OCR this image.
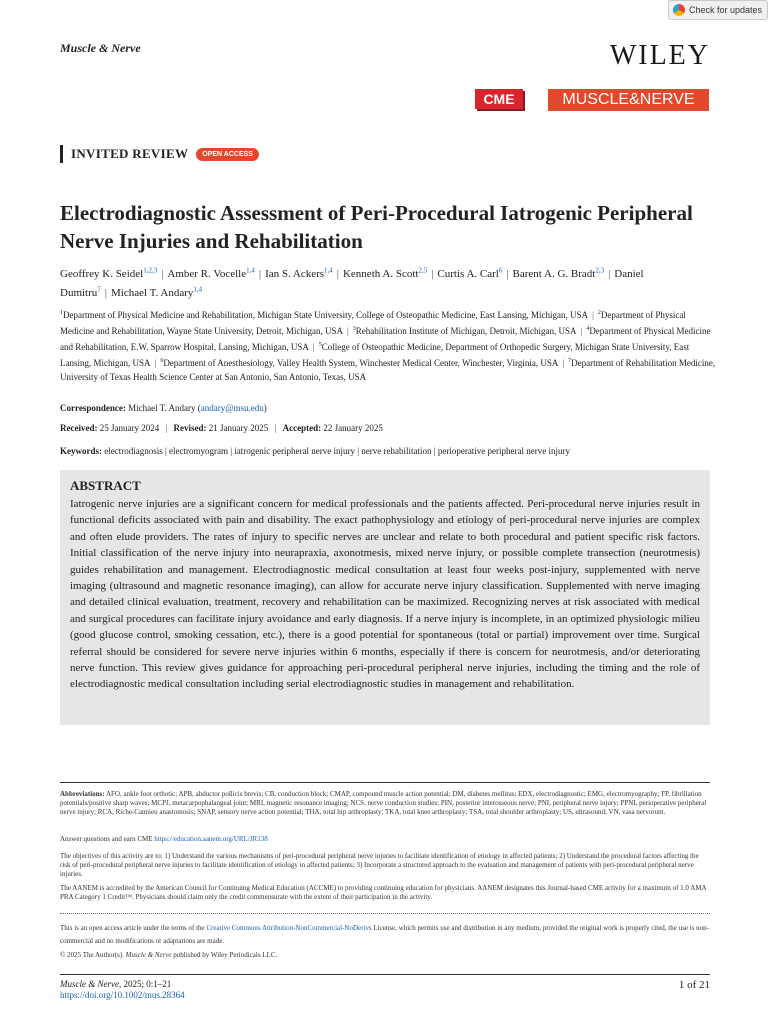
Check for updates
Muscle & Nerve	WILEY
CME	MUSCLE&NERVE
INVITED REVIEW	OPEN ACCESS
Electrodiagnostic Assessment of Peri-Procedural Iatrogenic Peripheral Nerve Injuries and Rehabilitation
Geoffrey K. Seidel$^{1,2,3}$ | Amber R. Vocelle$^{1,4}$ | Ian S. Ackers$^{1,4}$ | Kenneth A. Scott$^{2,5}$ | Curtis A. Carl$^6$ | Barent A. G. Bradt$^{2,3}$ | Daniel Dumitru$^7$ | Michael T. Andary$^{1,4}$
$^1$Department of Physical Medicine and Rehabilitation, Michigan State University, College of Osteopathic Medicine, East Lansing, Michigan, USA | $^2$Department of Physical Medicine and Rehabilitation, Wayne State University, Detroit, Michigan, USA | $^3$Rehabilitation Institute of Michigan, Detroit, Michigan, USA | $^4$Department of Physical Medicine and Rehabilitation, E.W. Sparrow Hospital, Lansing, Michigan, USA | $^5$College of Osteopathic Medicine, Department of Orthopedic Surgery, Michigan State University, East Lansing, Michigan, USA | $^6$Department of Anesthesiology, Valley Health System, Winchester Medical Center, Winchester, Virginia, USA | $^7$Department of Rehabilitation Medicine, University of Texas Health Science Center at San Antonio, San Antonio, Texas, USA
Correspondence: Michael T. Andary (andary@msu.edu)
Received: 25 January 2024 | Revised: 21 January 2025 | Accepted: 22 January 2025
Keywords: electrodiagnosis | electromyogram | iatrogenic peripheral nerve injury | nerve rehabilitation | perioperative peripheral nerve injury
ABSTRACT

Iatrogenic nerve injuries are a significant concern for medical professionals and the patients affected. Peri-procedural nerve injuries result in functional deficits associated with pain and disability. The exact pathophysiology and etiology of peri-procedural nerve injuries are complex and often elude providers. The rates of injury to specific nerves are unclear and relate to both procedural and patient specific risk factors. Initial classification of the nerve injury into neurapraxia, axonotmesis, mixed nerve injury, or possible complete transection (neurotmesis) guides rehabilitation and management. Electrodiagnostic medical consultation at least four weeks post-injury, supplemented with nerve imaging (ultrasound and magnetic resonance imaging), can allow for accurate nerve injury classification. Supplemented with nerve imaging and detailed clinical evaluation, treatment, recovery and rehabilitation can be maximized. Recognizing nerves at risk associated with medical and surgical procedures can facilitate injury avoidance and early diagnosis. If a nerve injury is incomplete, in an optimized physiologic milieu (good glucose control, smoking cessation, etc.), there is a good potential for spontaneous (total or partial) improvement over time. Surgical referral should be considered for severe nerve injuries within 6 months, especially if there is concern for neurotmesis, and/or deteriorating nerve function. This review gives guidance for approaching peri-procedural peripheral nerve injuries, including the timing and the role of electrodiagnostic medical consultation including serial electrodiagnostic studies in management and rehabilitation.

Abbreviations: AFO, ankle foot orthotic; APB, abductor pollicis brevis; CB, conduction block; CMAP, compound muscle action potential; DM, diabetes mellitus; EDX, electrodiagnostic; EMG, electromyography; FP, fibrillation potentials/positive sharp waves; MCPJ, metacarpophalangeal joint; MRI, magnetic resonance imaging; NCS, nerve conduction studies; PIN, posterior interosseous nerve; PNI, peripheral nerve injury; PPNI, perioperative peripheral nerve injury; RCA, Riche-Cannieu anastomosis; SNAP, sensory nerve action potential; THA, total hip arthroplasty; TKA, total knee arthroplasty; TSA, total shoulder arthroplasty; US, ultrasound; VN, vasa nervorum.
Answer questions and earn CME https://education.aanem.org/URL/JR138
The objectives of this activity are to: 1) Understand the various mechanisms of peri-procedural peripheral nerve injuries to facilitate identification of etiology in affected patients; 2) Understand the procedural factors affecting the risk of peri-procedural peripheral nerve injuries to facilitate identification of etiology in affected patients; 3) Incorporate a structured approach to the evaluation and management of patients with peri-procedural peripheral nerve injuries.
The AANEM is accredited by the American Council for Continuing Medical Education (ACCME) to providing continuing education for physicians. AANEM designates this Journal-based CME activity for a maximum of 1.0 AMA PRA Category 1 Credit™. Physicians should claim only the credit commensurate with the extent of their participation in the activity.
This is an open access article under the terms of the Creative Commons Attribution-NonCommercial-NoDerivs License, which permits use and distribution in any medium, provided the original work is properly cited, the use is non-commercial and no modifications or adaptations are made.
© 2025 The Author(s). Muscle & Nerve published by Wiley Periodicals LLC.
Muscle & Nerve, 2025; 0:1–21
https://doi.org/10.1002/mus.28364
1 of 21
